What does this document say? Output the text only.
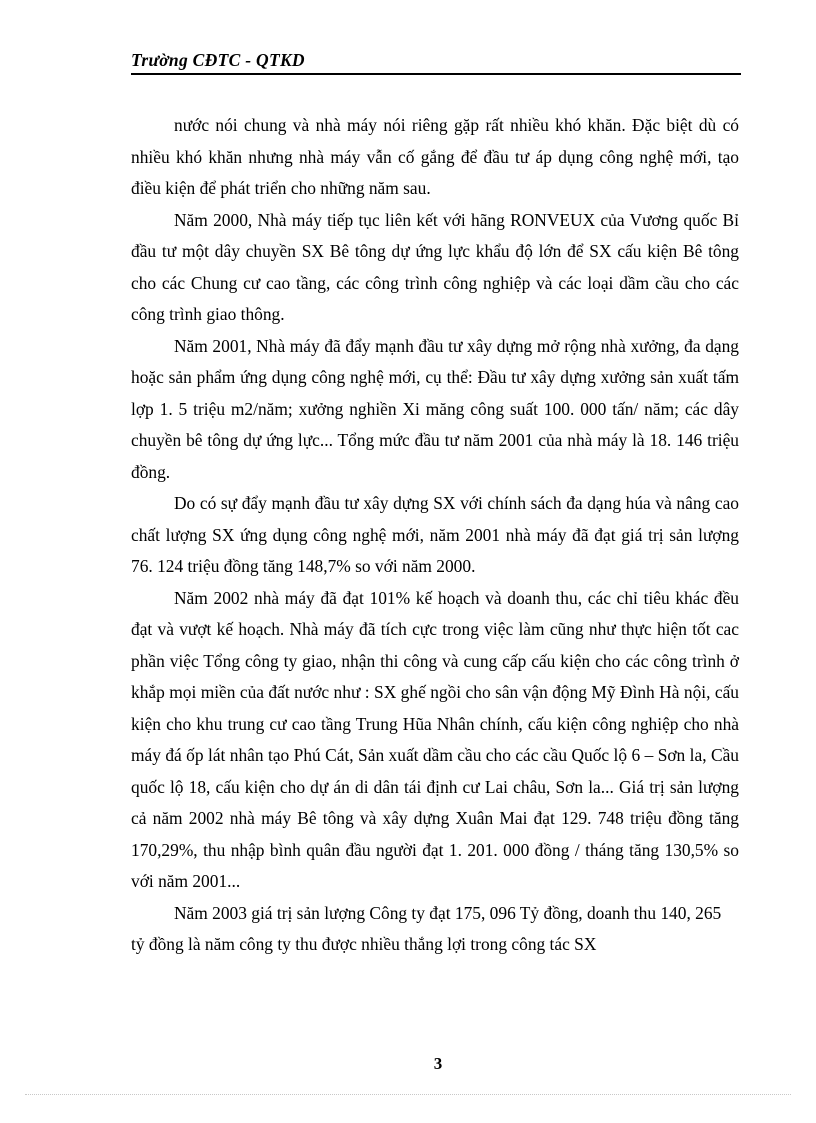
Trường CĐTC - QTKD

nước nói chung và nhà máy nói riêng gặp rất nhiều khó khăn. Đặc biệt dù có nhiều khó khăn nhưng nhà máy vẫn cố gắng để đầu tư áp dụng công nghệ mới, tạo điều kiện để phát triển cho những năm sau.

Năm 2000, Nhà máy tiếp tục liên kết với hãng RONVEUX của Vương quốc Bỉ đầu tư một dây chuyền SX Bê tông dự ứng lực khẩu độ lớn để SX cấu kiện Bê tông cho các Chung cư cao tầng, các công trình công nghiệp và các loại dầm cầu cho các công trình giao thông.

Năm 2001, Nhà máy đã đẩy mạnh đầu tư xây dựng mở rộng nhà xưởng, đa dạng hoặc sản phẩm ứng dụng công nghệ mới, cụ thể: Đầu tư xây dựng xưởng sản xuất tấm lợp 1. 5 triệu m2/năm; xưởng nghiền Xi măng công suất 100. 000 tấn/ năm; các dây chuyền bê tông dự ứng lực... Tổng mức đầu tư năm 2001 của nhà máy là 18. 146 triệu đồng.

Do có sự đẩy mạnh đầu tư xây dựng SX với chính sách đa dạng húa và nâng cao chất lượng SX ứng dụng công nghệ mới, năm 2001 nhà máy đã đạt giá trị sản lượng 76. 124 triệu đồng tăng 148,7% so với năm 2000.

Năm 2002 nhà máy đã đạt 101% kế hoạch và doanh thu, các chỉ tiêu khác đều đạt và vượt kế hoạch. Nhà máy đã tích cực trong việc làm cũng như thực hiện tốt cac phần việc Tổng công ty giao, nhận thi công và cung cấp cấu kiện cho các công trình ở khắp mọi miền của đất nước như : SX ghế ngồi cho sân vận động Mỹ Đình Hà nội, cấu kiện cho khu trung cư cao tầng Trung Hũa Nhân chính, cấu kiện công nghiệp cho nhà máy đá ốp lát nhân tạo Phú Cát, Sản xuất dầm cầu cho các cầu Quốc lộ 6 – Sơn la, Cầu quốc lộ 18, cấu kiện cho dự án di dân tái định cư Lai châu, Sơn la... Giá trị sản lượng cả năm 2002 nhà máy Bê tông và xây dựng Xuân Mai đạt 129. 748 triệu đồng tăng 170,29%, thu nhập bình quân đầu người đạt 1. 201. 000 đồng / tháng tăng 130,5% so với năm 2001...

Năm 2003 giá trị sản lượng Công ty đạt 175, 096 Tỷ đồng, doanh thu 140, 265 tỷ đồng là năm công ty thu được nhiều thắng lợi trong công tác SX

3
